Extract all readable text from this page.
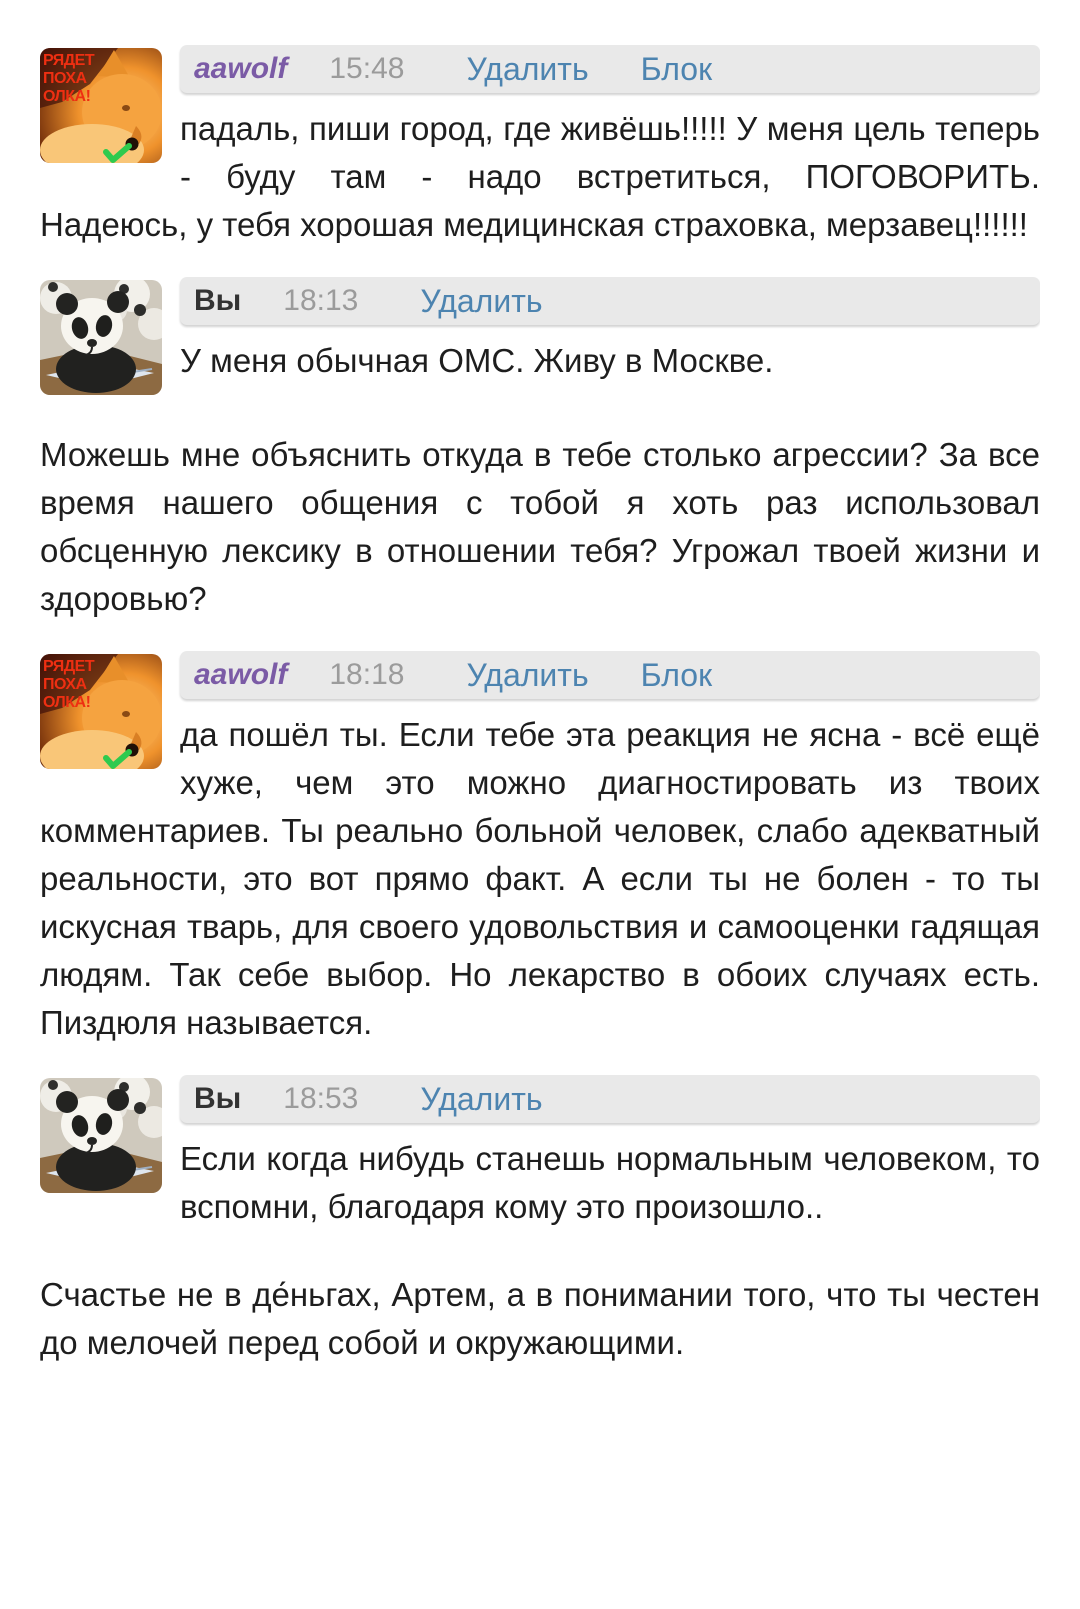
РЯДЕТ
ПОХА
ОЛКА!
aawolf 15:48 Удалить Блок

падаль, пиши город, где живёшь!!!!! У меня цель теперь - буду там - надо встретиться, ПОГОВОРИТЬ. Надеюсь, у тебя хорошая медицинская страховка, мерзавец!!!!!!

Вы 18:13 Удалить

У меня обычная ОМС. Живу в Москве.

Можешь мне объяснить откуда в тебе столько агрессии? За все время нашего общения с тобой я хоть раз использовал обсценную лексику в отношении тебя? Угрожал твоей жизни и здоровью?

РЯДЕТ
ПОХА
ОЛКА!
aawolf 18:18 Удалить Блок

да пошёл ты. Если тебе эта реакция не ясна - всё ещё хуже, чем это можно диагностировать из твоих комментариев. Ты реально больной человек, слабо адекватный реальности, это вот прямо факт. А если ты не болен - то ты искусная тварь, для своего удовольствия и самооценки гадящая людям. Так себе выбор. Но лекарство в обоих случаях есть. Пиздюля называется.

Вы 18:53 Удалить

Если когда нибудь станешь нормальным человеком, то вспомни, благодаря кому это произошло..

Счастье не в де́ньгах, Артем, а в понимании того, что ты честен до мелочей перед собой и окружающими.
